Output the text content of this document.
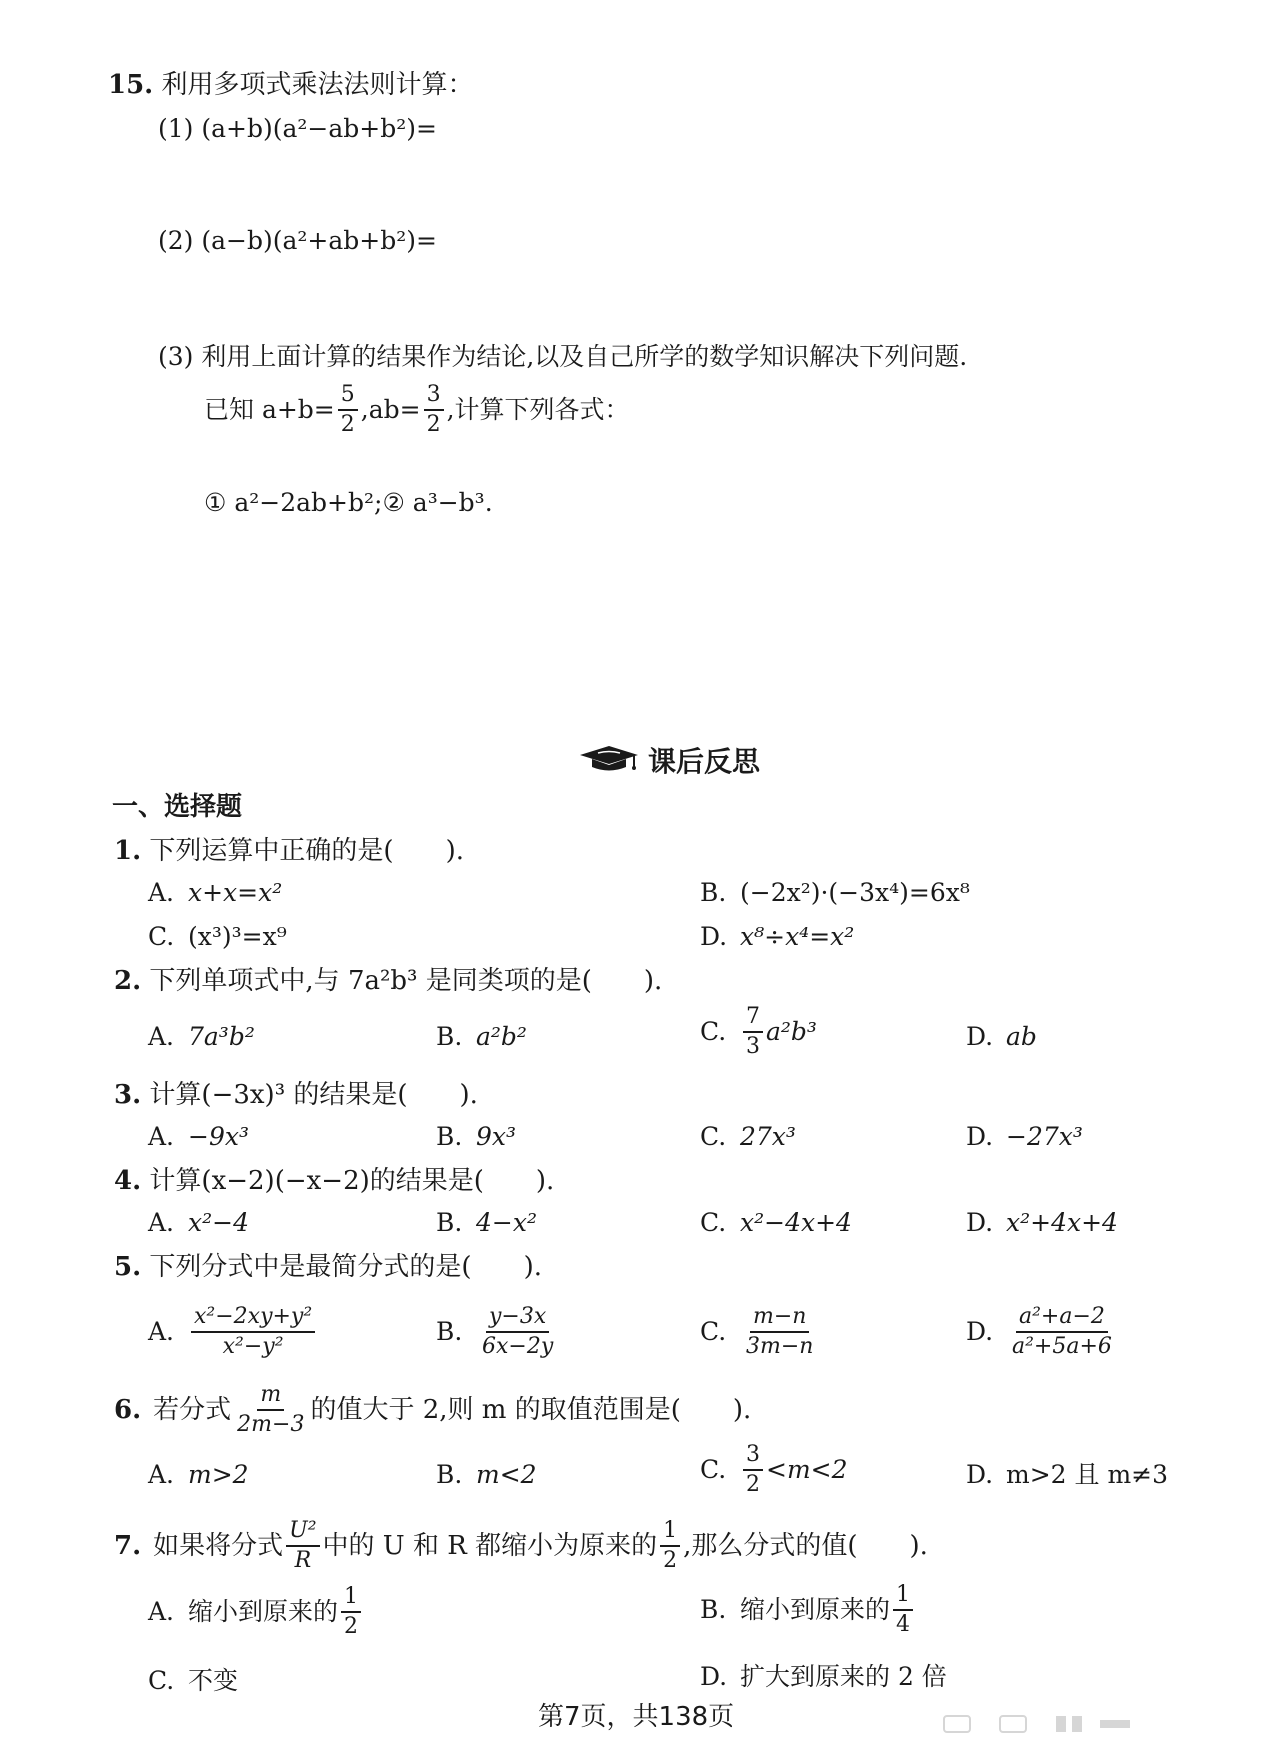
15. 利用多项式乘法法则计算：
(1) (a+b)(a²−ab+b²)=
(2) (a−b)(a²+ab+b²)=
(3) 利用上面计算的结果作为结论,以及自己所学的数学知识解决下列问题.
已知 $a+b= \frac{5}{2} ,ab= \frac{3}{2}$ ,计算下列各式：
① a²−2ab+b²;② a³−b³.
课后反思
一、选择题
1. 下列运算中正确的是(　　).
A. x+x=x²	B. (−2x²)·(−3x⁴)=6x⁸
C. (x³)³=x⁹	D. x⁸÷x⁴=x²
2. 下列单项式中,与 7a²b³ 是同类项的是(　　).
A. 7a³b²	B. a²b²	C. $\frac{7}{3} a^2b^3$	D. ab
3. 计算(−3x)³ 的结果是(　　).
A. −9x³	B. 9x³	C. 27x³	D. −27x³
4. 计算(x−2)(−x−2)的结果是(　　).
A. x²−4	B. 4−x²	C. x²−4x+4	D. x²+4x+4
5. 下列分式中是最简分式的是(　　).
A. $\frac{\text{x²−2xy+y²}}{\text{x²−y²}}$	B. $\frac{y-3x}{6x-2y}$	C. $\frac{m-n}{3m-n}$	D. $\frac{\text{a²+a−2}}{\text{a²+5a+6}}$
6. 若分式 $\frac{m}{2m-3}$ 的值大于 2,则 m 的取值范围是(　　).
A. m>2	B. m<2	C. $\frac{3}{2} <m<2$	D. m>2 且 m≠3
7. 如果将分式 $\frac{\text{U²}}{R}$ 中的 U 和 R 都缩小为原来的 $\frac{1}{2}$ ,那么分式的值(　　).
A. 缩小到原来的 $\frac{1}{2}$	B. 缩小到原来的 $\frac{1}{4}$
C. 不变	D. 扩大到原来的 2 倍
第7页，共138页
